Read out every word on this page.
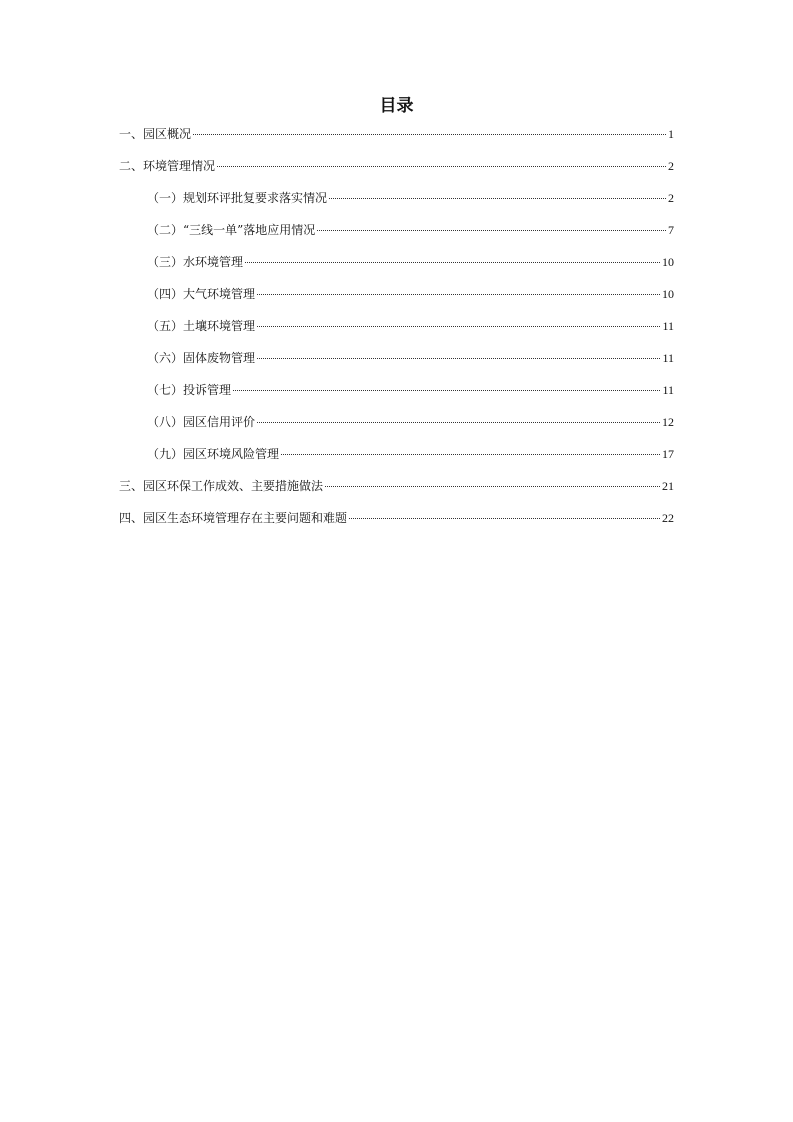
目录
一、园区概况	1
二、环境管理情况	2
（一）规划环评批复要求落实情况	2
（二）“三线一单”落地应用情况	7
（三）水环境管理	10
（四）大气环境管理	10
（五）土壤环境管理	11
（六）固体废物管理	11
（七）投诉管理	11
（八）园区信用评价	12
（九）园区环境风险管理	17
三、园区环保工作成效、主要措施做法	21
四、园区生态环境管理存在主要问题和难题	22
